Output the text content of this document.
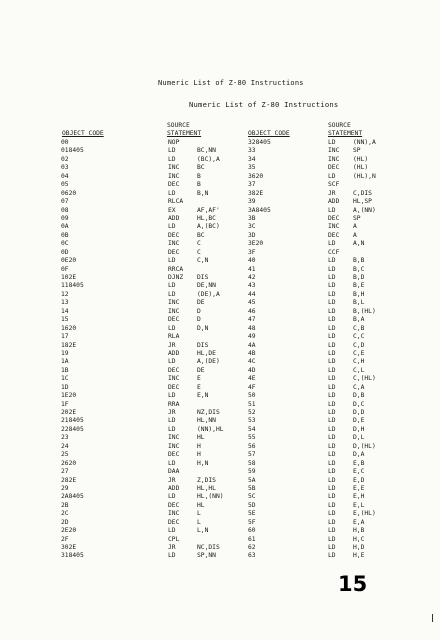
Numeric List of Z-80 Instructions
Numeric List of Z-80 Instructions
SOURCE
STATEMENT
OBJECT CODE
SOURCE
STATEMENT
OBJECT CODE
00	NOP
018405	LD	BC,NN
02	LD	(BC),A
03	INC	BC
04	INC	B
05	DEC	B
0620	LD	B,N
07	RLCA
08	EX	AF,AF'
09	ADD	HL,BC
0A	LD	A,(BC)
0B	DEC	BC
0C	INC	C
0D	DEC	C
0E20	LD	C,N
0F	RRCA
102E	DJNZ DIS
118405	LD	DE,NN
12	LD	(DE),A
13	INC	DE
14	INC	D
15	DEC	D
1620	LD	D,N
17	RLA
182E	JR	DIS
19	ADD	HL,DE
1A	LD	A,(DE)
1B	DEC	DE
1C	INC	E
1D	DEC	E
1E20	LD	E,N
1F	RRA
202E	JR	NZ,DIS
218405	LD	HL,NN
228405	LD	(NN),HL
23	INC	HL
24	INC	H
25	DEC	H
2620	LD	H,N
27	DAA
282E	JR	Z,DIS
29	ADD	HL,HL
2A8405	LD	HL,(NN)
2B	DEC	HL
2C	INC	L
2D	DEC	L
2E20	LD	L,N
2F	CPL
302E	JR	NC,DIS
318405	LD	SP,NN
328405	LD	(NN),A
33	INC SP
34	INC (HL)
35	DEC (HL)
3620	LD	(HL),N
37	SCF
382E	JR	C,DIS
39	ADD HL,SP
3A8405	LD	A,(NN)
3B	DEC SP
3C	INC A
3D	DEC A
3E20	LD	A,N
3F	CCF
40	LD	B,B
41	LD	B,C
42	LD	B,D
43	LD	B,E
44	LD	B,H
45	LD	B,L
46	LD	B,(HL)
47	LD	B,A
48	LD	C,B
49	LD	C,C
4A	LD	C,D
4B	LD	C,E
4C	LD	C,H
4D	LD	C,L
4E	LD	C,(HL)
4F	LD	C,A
50	LD	D,B
51	LD	D,C
52	LD	D,D
53	LD	D,E
54	LD	D,H
55	LD	D,L
56	LD	D,(HL)
57	LD	D,A
58	LD	E,B
59	LD	E,C
5A	LD	E,D
5B	LD	E,E
5C	LD	E,H
5D	LD	E,L
5E	LD	E,(HL)
5F	LD	E,A
60	LD	H,B
61	LD	H,C
62	LD	H,D
63	LD	H,E
15
